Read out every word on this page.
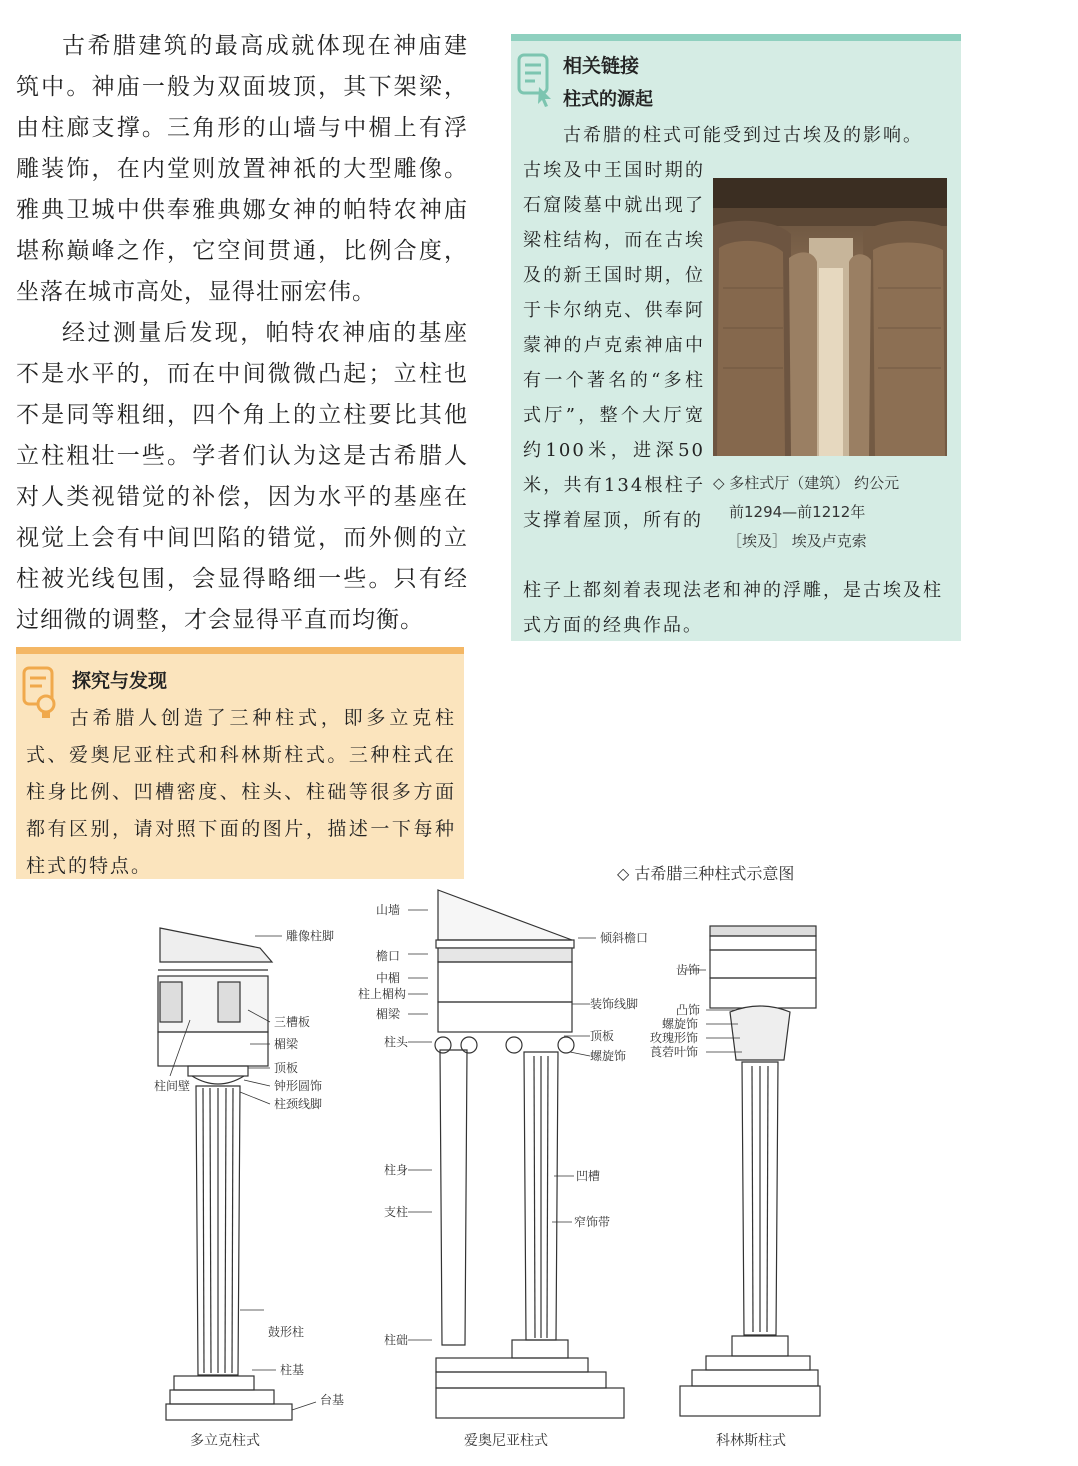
古希腊建筑的最高成就体现在神庙建筑中。神庙一般为双面坡顶，其下架梁，由柱廊支撑。三角形的山墙与中楣上有浮雕装饰，在内堂则放置神祇的大型雕像。雅典卫城中供奉雅典娜女神的帕特农神庙堪称巅峰之作，它空间贯通，比例合度，坐落在城市高处，显得壮丽宏伟。

经过测量后发现，帕特农神庙的基座不是水平的，而在中间微微凸起；立柱也不是同等粗细，四个角上的立柱要比其他立柱粗壮一些。学者们认为这是古希腊人对人类视错觉的补偿，因为水平的基座在视觉上会有中间凹陷的错觉，而外侧的立柱被光线包围，会显得略细一些。只有经过细微的调整，才会显得平直而均衡。

相关链接
柱式的源起
古希腊的柱式可能受到过古埃及的影响。
古埃及中王国时期的石窟陵墓中就出现了梁柱结构，而在古埃及的新王国时期，位于卡尔纳克、供奉阿蒙神的卢克索神庙中有一个著名的“多柱式厅”，整个大厅宽约100米，进深50米，共有134根柱子支撑着屋顶，所有的
◇ 多柱式厅（建筑） 约公元
前1294—前1212年
［埃及］ 埃及卢克索
柱子上都刻着表现法老和神的浮雕，是古埃及柱式方面的经典作品。
探究与发现
古希腊人创造了三种柱式，即多立克柱式、爱奥尼亚柱式和科林斯柱式。三种柱式在柱身比例、凹槽密度、柱头、柱础等很多方面都有区别，请对照下面的图片，描述一下每种柱式的特点。	◇ 古希腊三种柱式示意图
雕像柱脚
三槽板
楣梁
顶板
钟形圆饰
柱颈线脚
柱间壁
鼓形柱
柱基
台基
多立克柱式
山墙
檐口
中楣
柱上楣构
楣梁
柱头
柱身
支柱
柱础
倾斜檐口
装饰线脚
顶板
螺旋饰
凹槽
窄饰带
爱奥尼亚柱式
齿饰
凸饰
螺旋饰
玫瑰形饰
莨菪叶饰
科林斯柱式
